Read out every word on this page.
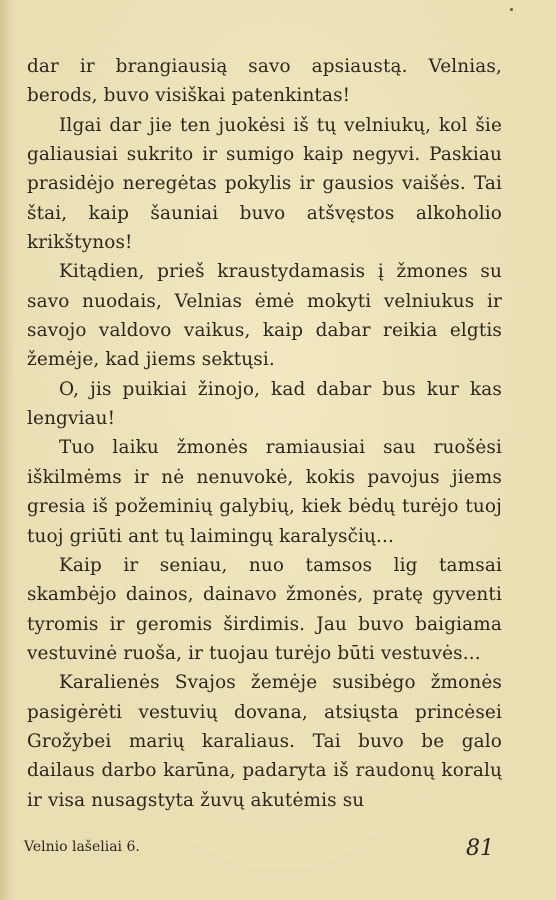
dar ir brangiausią savo apsiaustą. Velnias, berods, buvo visiškai patenkintas!

Ilgai dar jie ten juokėsi iš tų velniukų, kol šie galiausiai sukrito ir sumigo kaip negyvi. Paskiau prasidėjo neregėtas pokylis ir gausios vaišės. Tai štai, kaip šauniai buvo atšvęstos alkoholio krikštynos!

Kitądien, prieš kraustydamasis į žmones su savo nuodais, Velnias ėmė mokyti velniukus ir savojo valdovo vaikus, kaip dabar reikia elgtis žemėje, kad jiems sektųsi.

O, jis puikiai žinojo, kad dabar bus kur kas lengviau!

Tuo laiku žmonės ramiausiai sau ruošėsi iškilmėms ir nė nenuvokė, kokis pavojus jiems gresia iš požeminių galybių, kiek bėdų turėjo tuoj tuoj griūti ant tų laimingų karalysčių...

Kaip ir seniau, nuo tamsos lig tamsai skambėjo dainos, dainavo žmonės, pratę gyventi tyromis ir geromis širdimis. Jau buvo baigiama vestuvinė ruoša, ir tuojau turėjo būti vestuvės...

Karalienės Svajos žemėje susibėgo žmonės pasigėrėti vestuvių dovana, atsiųsta princėsei Grožybei marių karaliaus. Tai buvo be galo dailaus darbo karūna, padaryta iš raudonų koralų ir visa nusagstyta žuvų akutėmis su

Velnio lašeliai 6.	81
